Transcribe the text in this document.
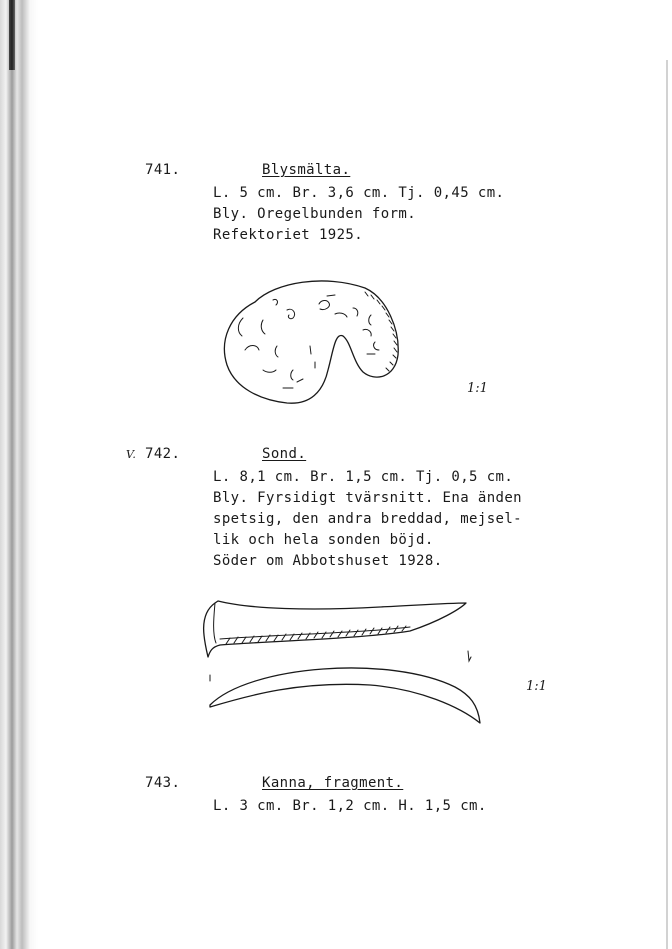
741.	Blysmälta.
L. 5 cm. Br. 3,6 cm. Tj. 0,45 cm.
Bly. Oregelbunden form.
Refektoriet 1925.
1:1
V. 742.	Sond.
L. 8,1 cm. Br. 1,5 cm. Tj. 0,5 cm.
Bly. Fyrsidigt tvärsnitt. Ena änden
spetsig, den andra breddad, mejsel-
lik och hela sonden böjd.
Söder om Abbotshuset 1928.
1:1
743.	Kanna, fragment.
L. 3 cm. Br. 1,2 cm. H. 1,5 cm.
